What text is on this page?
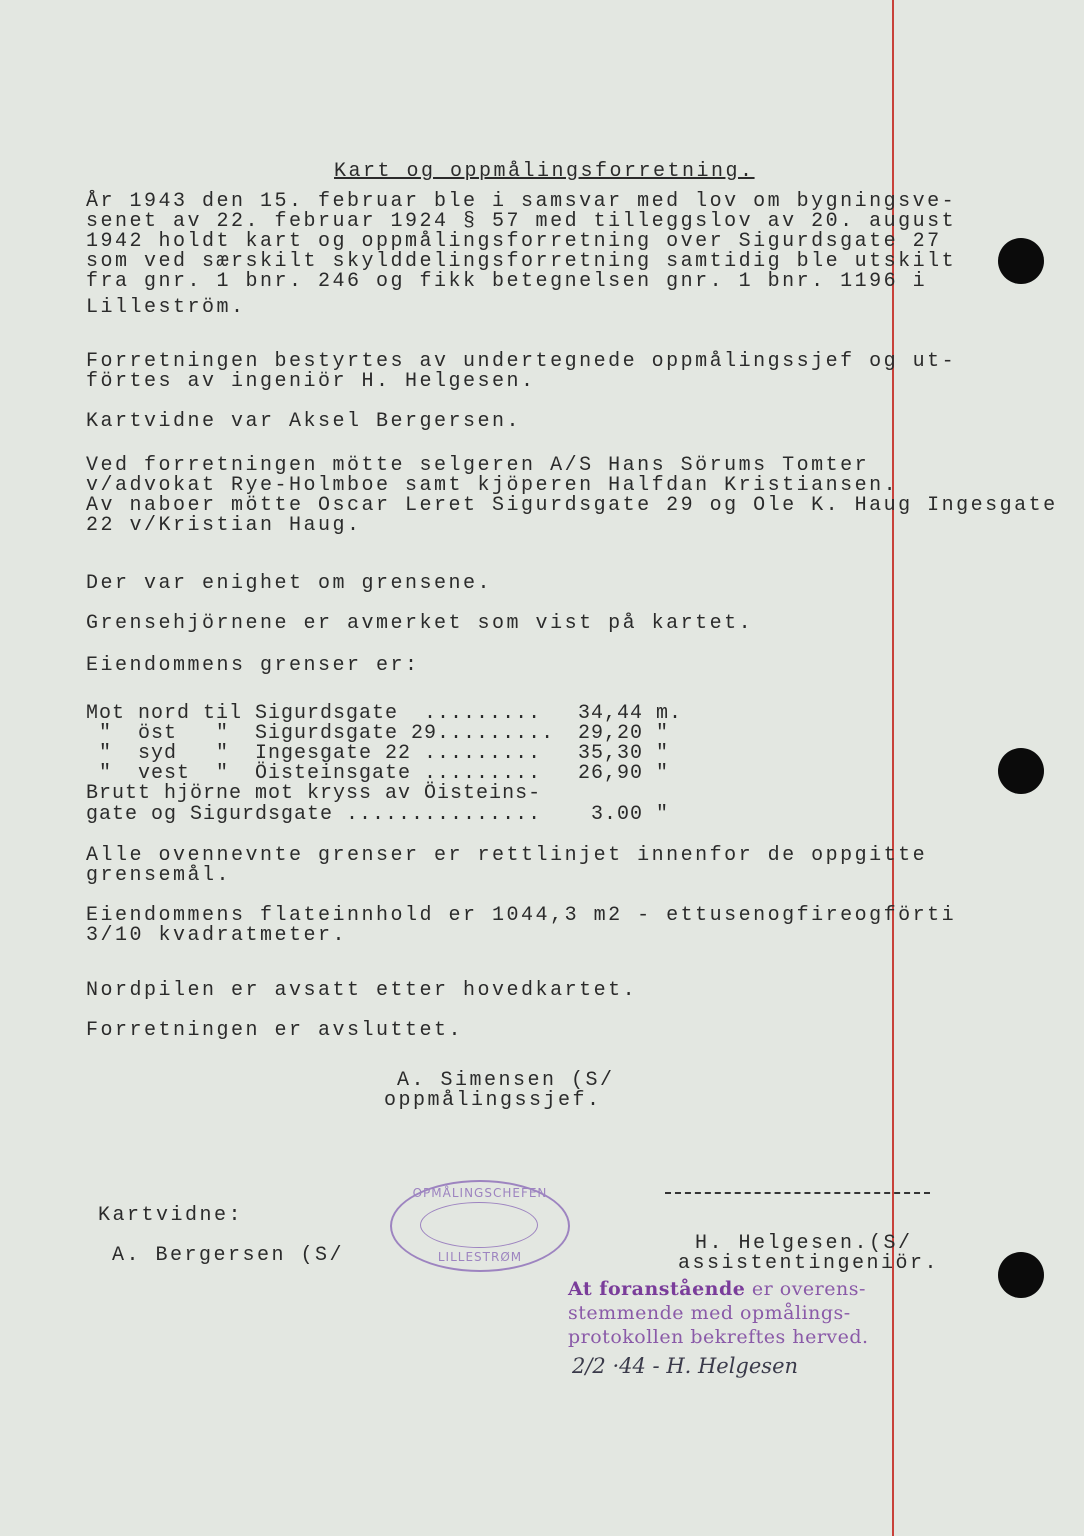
Kart og oppmålingsforretning.
År 1943 den 15. februar ble i samsvar med lov om bygningsve-
senet av 22. februar 1924 § 57 med tilleggslov av 20. august
1942 holdt kart og oppmålingsforretning over Sigurdsgate 27
som ved særskilt skylddelingsforretning samtidig ble utskilt
fra gnr. 1 bnr. 246 og fikk betegnelsen gnr. 1 bnr. 1196 i
Lilleström.
Forretningen bestyrtes av undertegnede oppmålingssjef og ut-
förtes av ingeniör H. Helgesen.
Kartvidne var Aksel Bergersen.
Ved forretningen mötte selgeren A/S Hans Sörums Tomter
v/advokat Rye-Holmboe samt kjöperen Halfdan Kristiansen.
Av naboer mötte Oscar Leret Sigurdsgate 29 og Ole K. Haug Ingesgate
22 v/Kristian Haug.
Der var enighet om grensene.
Grensehjörnene er avmerket som vist på kartet.
Eiendommens grenser er:
Mot nord til Sigurdsgate  ......... 34,44 m.
"  öst   "  Sigurdsgate 29......... 29,20 "
"  syd   "  Ingesgate 22 ......... 35,30 "
"  vest  "  Öisteinsgate ......... 26,90 "
Brutt hjörne mot kryss av Öisteins-
gate og Sigurdsgate ............... 3.00 "
Alle ovennevnte grenser er rettlinjet innenfor de oppgitte
grensemål.
Eiendommens flateinnhold er 1044,3 m2 - ettusenogfireogförti
3/10 kvadratmeter.
Nordpilen er avsatt etter hovedkartet.
Forretningen er avsluttet.
A. Simensen (S/
oppmålingssjef.
OPMÅLINGSCHEFEN
LILLESTRØM
Kartvidne:
A. Bergersen (S/
H. Helgesen.(S/
assistentingeniör.
At foranstående er overens-
stemmende med opmålings-
protokollen bekreftes herved.
2/2 ·44 - H. Helgesen
